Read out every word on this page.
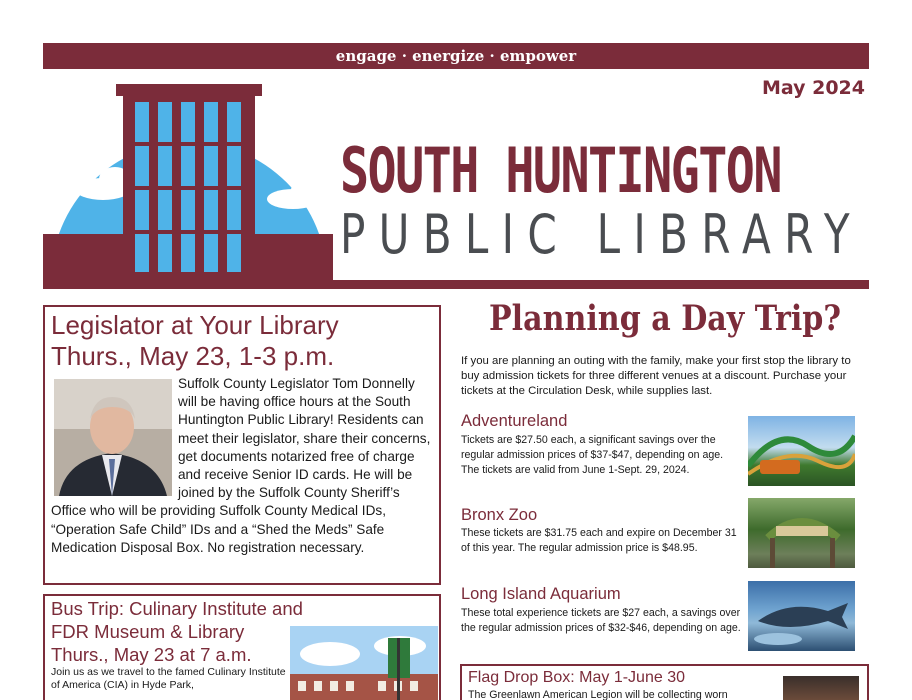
engage · energize · empower
May 2024
SOUTH HUNTINGTON
PUBLIC LIBRARY
Legislator at Your Library
Thurs., May 23, 1-3 p.m.
Suffolk County Legislator Tom Donnelly will be having office hours at the South Huntington Public Library! Residents can meet their legislator, share their concerns, get documents notarized free of charge and receive Senior ID cards. He will be joined by the Suffolk County Sheriff’s Office who will be providing Suffolk County Medical IDs, “Operation Safe Child” IDs and a “Shed the Meds” Safe Medication Disposal Box. No registration necessary.
Bus Trip: Culinary Institute and
FDR Museum & Library
Thurs., May 23 at 7 a.m.
Join us as we travel to the famed Culinary Institute of America (CIA) in Hyde Park,
Planning a Day Trip?
If you are planning an outing with the family, make your first stop the library to buy admission tickets for three different venues at a discount. Purchase your tickets at the Circulation Desk, while supplies last.
Adventureland
Tickets are $27.50 each, a significant savings over the regular admission prices of $37-$47, depending on age. The tickets are valid from June 1-Sept. 29, 2024.
Bronx Zoo
These tickets are $31.75 each and expire on December 31 of this year. The regular admission price is $48.95.
Long Island Aquarium
These total experience tickets are $27 each, a savings over the regular admission prices of $32-$46, depending on age.
Flag Drop Box: May 1-June 30
The Greenlawn American Legion will be collecting worn
